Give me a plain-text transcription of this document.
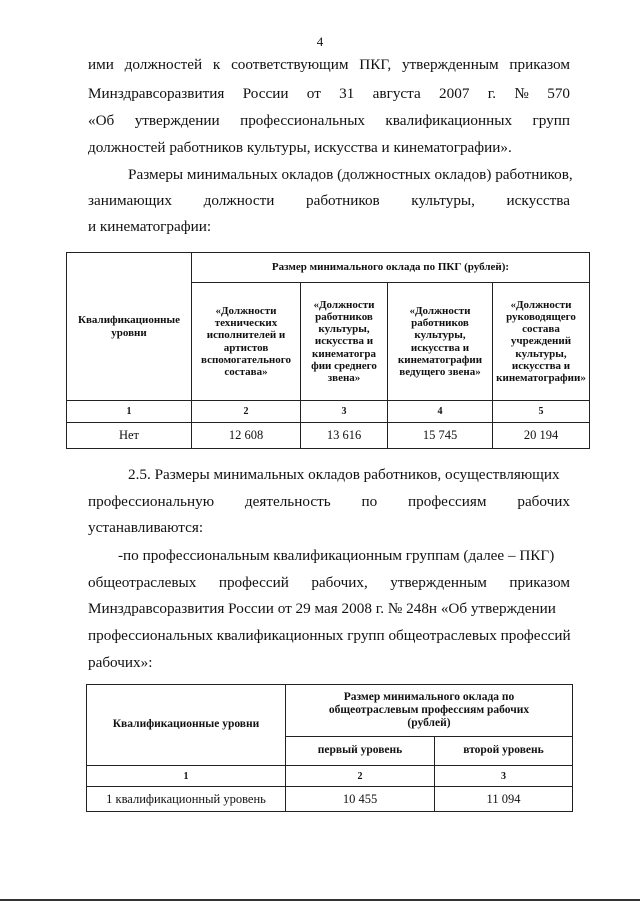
4
ими должностей к соответствующим ПКГ, утвержденным приказом
Минздравсоразвития России от 31 августа 2007 г. № 570
«Об утверждении профессиональных квалификационных групп
должностей работников культуры, искусства и кинематографии».
Размеры минимальных окладов (должностных окладов) работников,
занимающих должности работников культуры, искусства
и кинематографии:
Квалификационные уровни	Размер минимального оклада по ПКГ (рублей):			
	«Должности технических исполнителей и артистов вспомогательного состава»	«Должности работников культуры, искусства и кинематогра фии среднего звена»	«Должности работников культуры, искусства и кинематографии ведущего звена»	«Должности руководящего состава учреждений культуры, искусства и кинематографии»
1	2	3	4	5
Нет	12 608	13 616	15 745	20 194
2.5. Размеры минимальных окладов работников, осуществляющих
профессиональную деятельность по профессиям рабочих
устанавливаются:
-по профессиональным квалификационным группам (далее – ПКГ)
общеотраслевых профессий рабочих, утвержденным приказом
Минздравсоразвития России от 29 мая 2008 г. № 248н «Об утверждении
профессиональных квалификационных групп общеотраслевых профессий
рабочих»:
Квалификационные уровни	Размер минимального оклада по общеотраслевым профессиям рабочих (рублей)	
	первый уровень	второй уровень
1	2	3
1 квалификационный уровень	10 455	11 094
